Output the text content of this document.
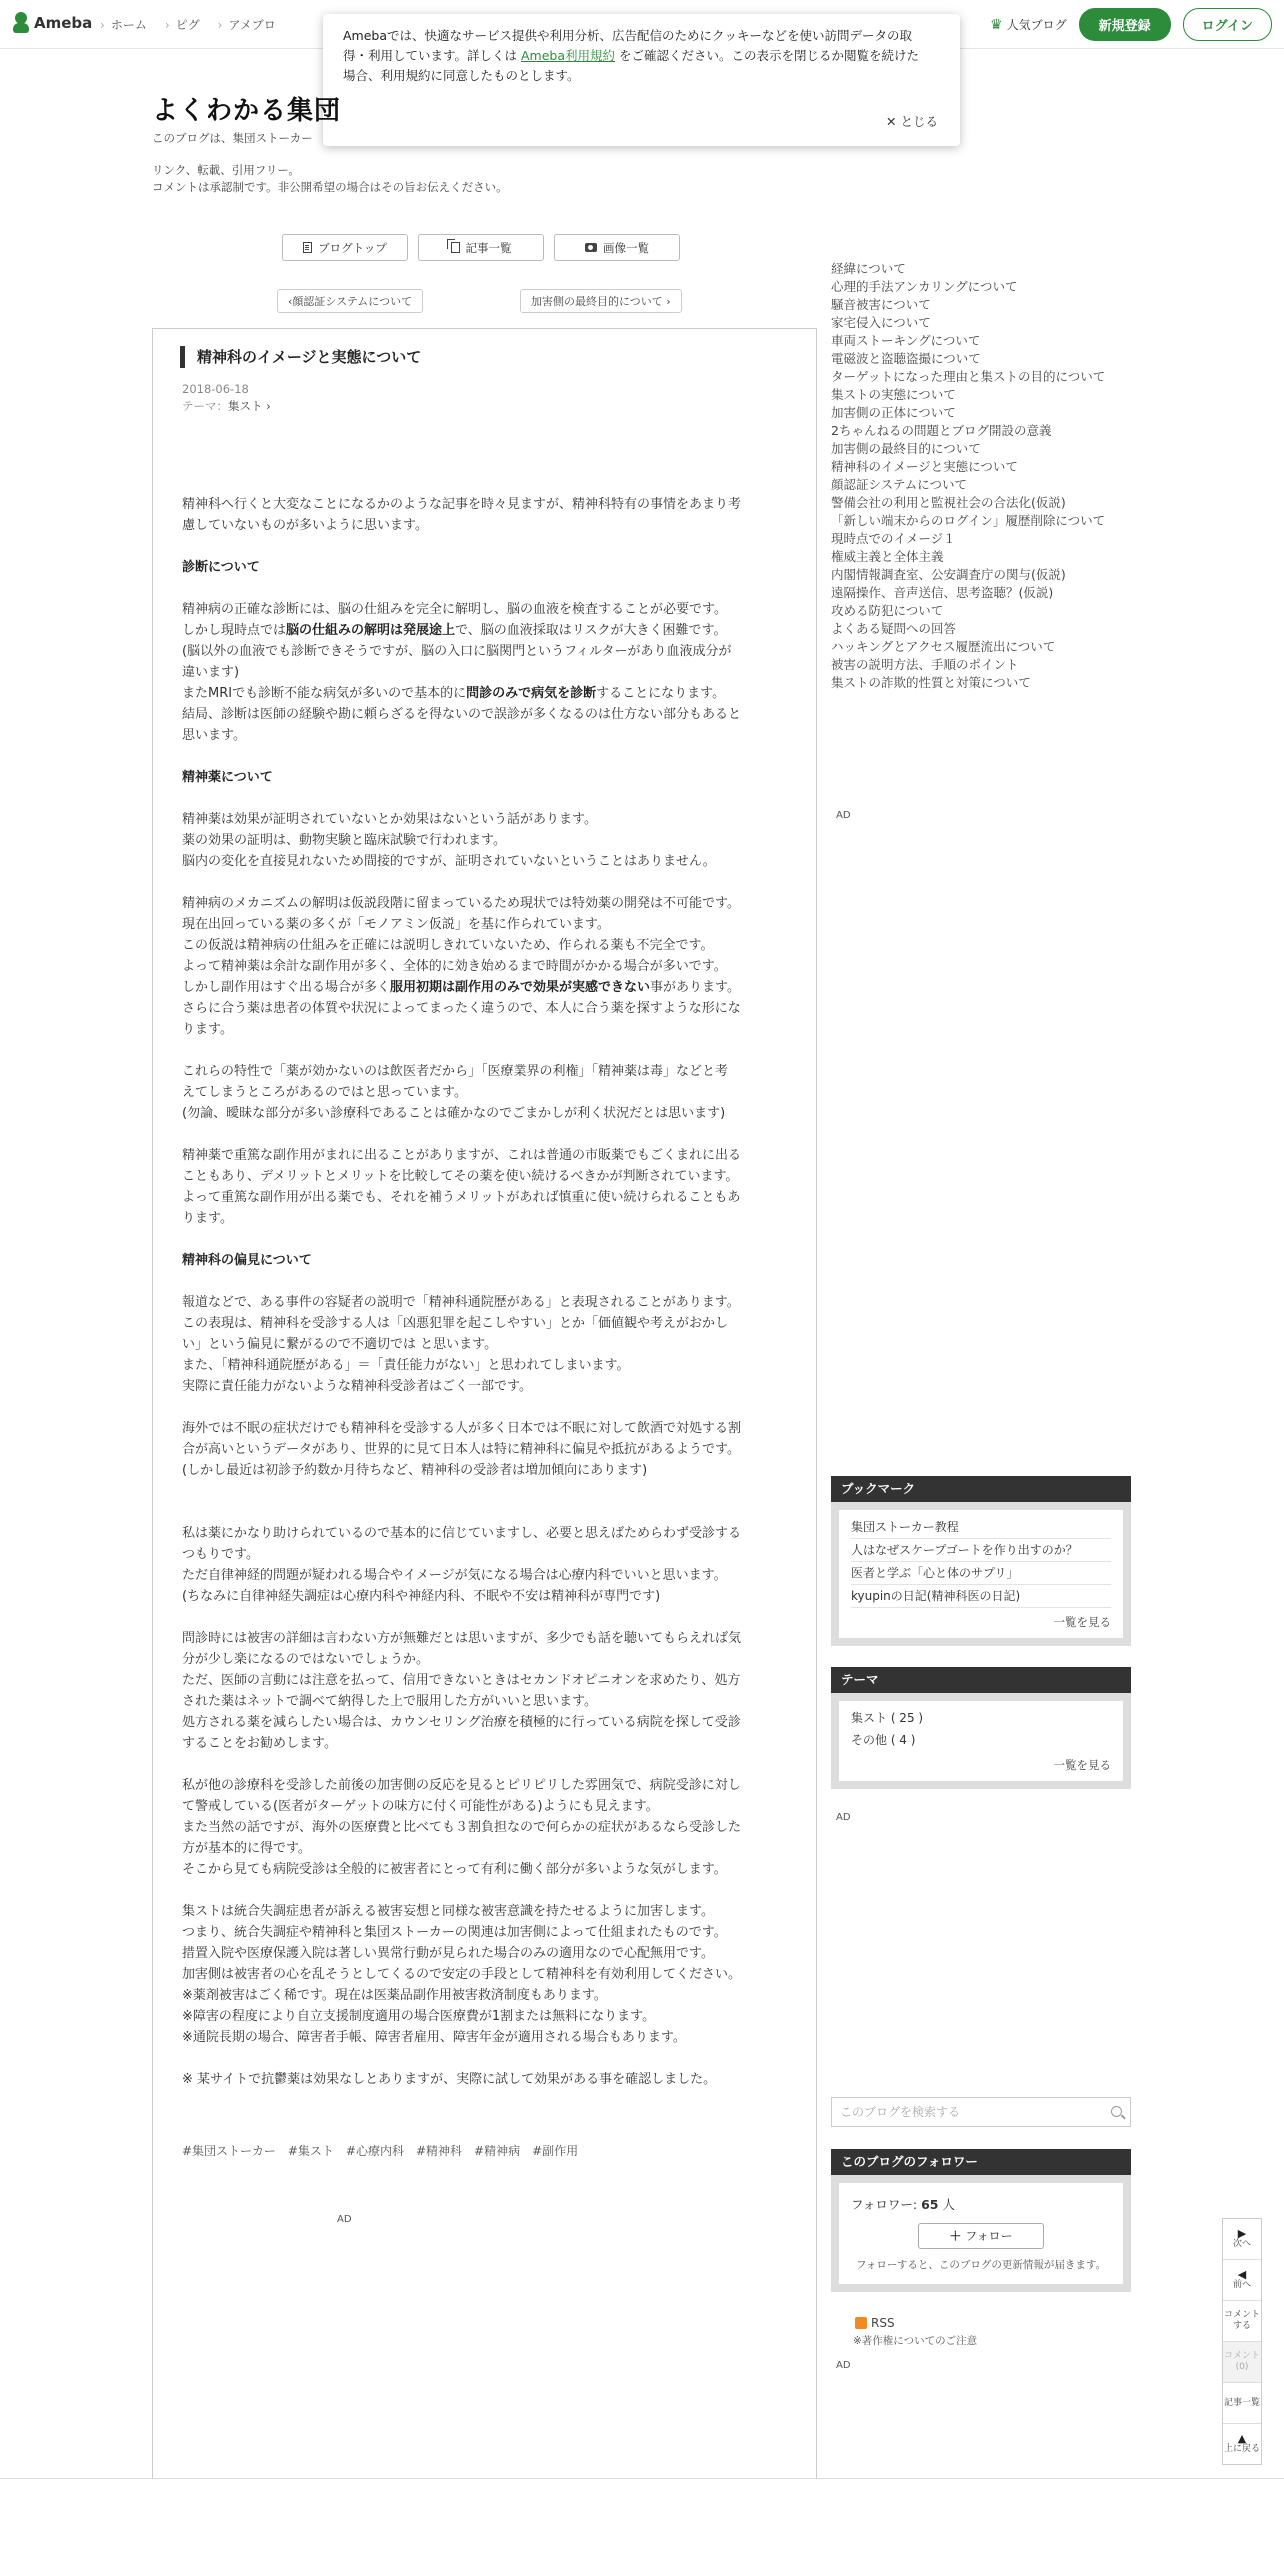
Ameba	› ホーム	› ピグ	› アメブロ	♛ 人気ブログ	新規登録	ログイン
Amebaでは、快適なサービス提供や利用分析、広告配信のためにクッキーなどを使い訪問データの取
得・利用しています。詳しくは Ameba利用規約 をご確認ください。この表示を閉じるか閲覧を続けた
場合、利用規約に同意したものとします。
✕ とじる
よくわかる集団
このブログは、集団ストーカー
リンク、転載、引用フリー。
コメントは承認制です。非公開希望の場合はその旨お伝えください。
ブログトップ	記事一覧	画像一覧
‹ 顔認証システムについて	加害側の最終目的について ›
精神科のイメージと実態について
2018-06-18
テーマ：集スト ›
精神科へ行くと大変なことになるかのような記事を時々見ますが、精神科特有の事情をあまり考
慮していないものが多いように思います。
診断について
精神病の正確な診断には、脳の仕組みを完全に解明し、脳の血液を検査することが必要です。
しかし現時点では脳の仕組みの解明は発展途上で、脳の血液採取はリスクが大きく困難です。
(脳以外の血液でも診断できそうですが、脳の入口に脳関門というフィルターがあり血液成分が
違います)
またMRIでも診断不能な病気が多いので基本的に問診のみで病気を診断することになります。
結局、診断は医師の経験や勘に頼らざるを得ないので誤診が多くなるのは仕方ない部分もあると
思います。
精神薬について
精神薬は効果が証明されていないとか効果はないという話があります。
薬の効果の証明は、動物実験と臨床試験で行われます。
脳内の変化を直接見れないため間接的ですが、証明されていないということはありません。
精神病のメカニズムの解明は仮説段階に留まっているため現状では特効薬の開発は不可能です。
現在出回っている薬の多くが「モノアミン仮説」を基に作られています。
この仮説は精神病の仕組みを正確には説明しきれていないため、作られる薬も不完全です。
よって精神薬は余計な副作用が多く、全体的に効き始めるまで時間がかかる場合が多いです。
しかし副作用はすぐ出る場合が多く服用初期は副作用のみで効果が実感できない事があります。
さらに合う薬は患者の体質や状況によってまったく違うので、本人に合う薬を探すような形にな
ります。
これらの特性で「薬が効かないのは飲医者だから」「医療業界の利権」「精神薬は毒」などと考
えてしまうところがあるのではと思っています。
(勿論、曖昧な部分が多い診療科であることは確かなのでごまかしが利く状況だとは思います)
精神薬で重篤な副作用がまれに出ることがありますが、これは普通の市販薬でもごくまれに出る
こともあり、デメリットとメリットを比較してその薬を使い続けるべきかが判断されています。
よって重篤な副作用が出る薬でも、それを補うメリットがあれば慎重に使い続けられることもあ
ります。
精神科の偏見について
報道などで、ある事件の容疑者の説明で「精神科通院歴がある」と表現されることがあります。
この表現は、精神科を受診する人は「凶悪犯罪を起こしやすい」とか「価値観や考えがおかし
い」という偏見に繋がるので不適切では と思います。
また、「精神科通院歴がある」＝「責任能力がない」と思われてしまいます。
実際に責任能力がないような精神科受診者はごく一部です。
海外では不眠の症状だけでも精神科を受診する人が多く日本では不眠に対して飲酒で対処する割
合が高いというデータがあり、世界的に見て日本人は特に精神科に偏見や抵抗があるようです。
(しかし最近は初診予約数か月待ちなど、精神科の受診者は増加傾向にあります)
私は薬にかなり助けられているので基本的に信じていますし、必要と思えばためらわず受診する
つもりです。
ただ自律神経的問題が疑われる場合やイメージが気になる場合は心療内科でいいと思います。
(ちなみに自律神経失調症は心療内科や神経内科、不眠や不安は精神科が専門です)
問診時には被害の詳細は言わない方が無難だとは思いますが、多少でも話を聴いてもらえれば気
分が少し楽になるのではないでしょうか。
ただ、医師の言動には注意を払って、信用できないときはセカンドオピニオンを求めたり、処方
された薬はネットで調べて納得した上で服用した方がいいと思います。
処方される薬を減らしたい場合は、カウンセリング治療を積極的に行っている病院を探して受診
することをお勧めします。
私が他の診療科を受診した前後の加害側の反応を見るとピリピリした雰囲気で、病院受診に対し
て警戒している(医者がターゲットの味方に付く可能性がある)ようにも見えます。
また当然の話ですが、海外の医療費と比べても３割負担なので何らかの症状があるなら受診した
方が基本的に得です。
そこから見ても病院受診は全般的に被害者にとって有利に働く部分が多いような気がします。
集ストは統合失調症患者が訴える被害妄想と同様な被害意識を持たせるように加害します。
つまり、統合失調症や精神科と集団ストーカーの関連は加害側によって仕組まれたものです。
措置入院や医療保護入院は著しい異常行動が見られた場合のみの適用なので心配無用です。
加害側は被害者の心を乱そうとしてくるので安定の手段として精神科を有効利用してください。
※薬剤被害はごく稀です。現在は医薬品副作用被害救済制度もあります。
※障害の程度により自立支援制度適用の場合医療費が1割または無料になります。
※通院長期の場合、障害者手帳、障害者雇用、障害年金が適用される場合もあります。
※ 某サイトで抗鬱薬は効果なしとありますが、実際に試して効果がある事を確認しました。
#集団ストーカー #集スト #心療内科 #精神科 #精神病 #副作用
AD
経緯について
心理的手法アンカリングについて
騒音被害について
家宅侵入について
車両ストーキングについて
電磁波と盗聴盗撮について
ターゲットになった理由と集ストの目的について
集ストの実態について
加害側の正体について
2ちゃんねるの問題とブログ開設の意義
加害側の最終目的について
精神科のイメージと実態について
顔認証システムについて
警備会社の利用と監視社会の合法化(仮説)
「新しい端末からのログイン」履歴削除について
現時点でのイメージ１
権威主義と全体主義
内閣情報調査室、公安調査庁の関与(仮説)
遠隔操作、音声送信、思考盗聴？(仮説)
攻める防犯について
よくある疑問への回答
ハッキングとアクセス履歴流出について
被害の説明方法、手順のポイント
集ストの詐欺的性質と対策について
AD
ブックマーク
集団ストーカー教程
人はなぜスケープゴートを作り出すのか？
医者と学ぶ「心と体のサプリ」
kyupinの日記(精神科医の日記)
一覧を見る
テーマ
集スト ( 25 )
その他 ( 4 )
一覧を見る
AD
このブログを検索する
このブログのフォロワー
フォロワー: 65 人
＋ フォロー
フォローすると、このブログの更新情報が届きます。
RSS
※著作権についてのご注意
AD
▶
次へ
◀
前へ
コメント
する
コメント
(0)
記事一覧
▲
上に戻る
